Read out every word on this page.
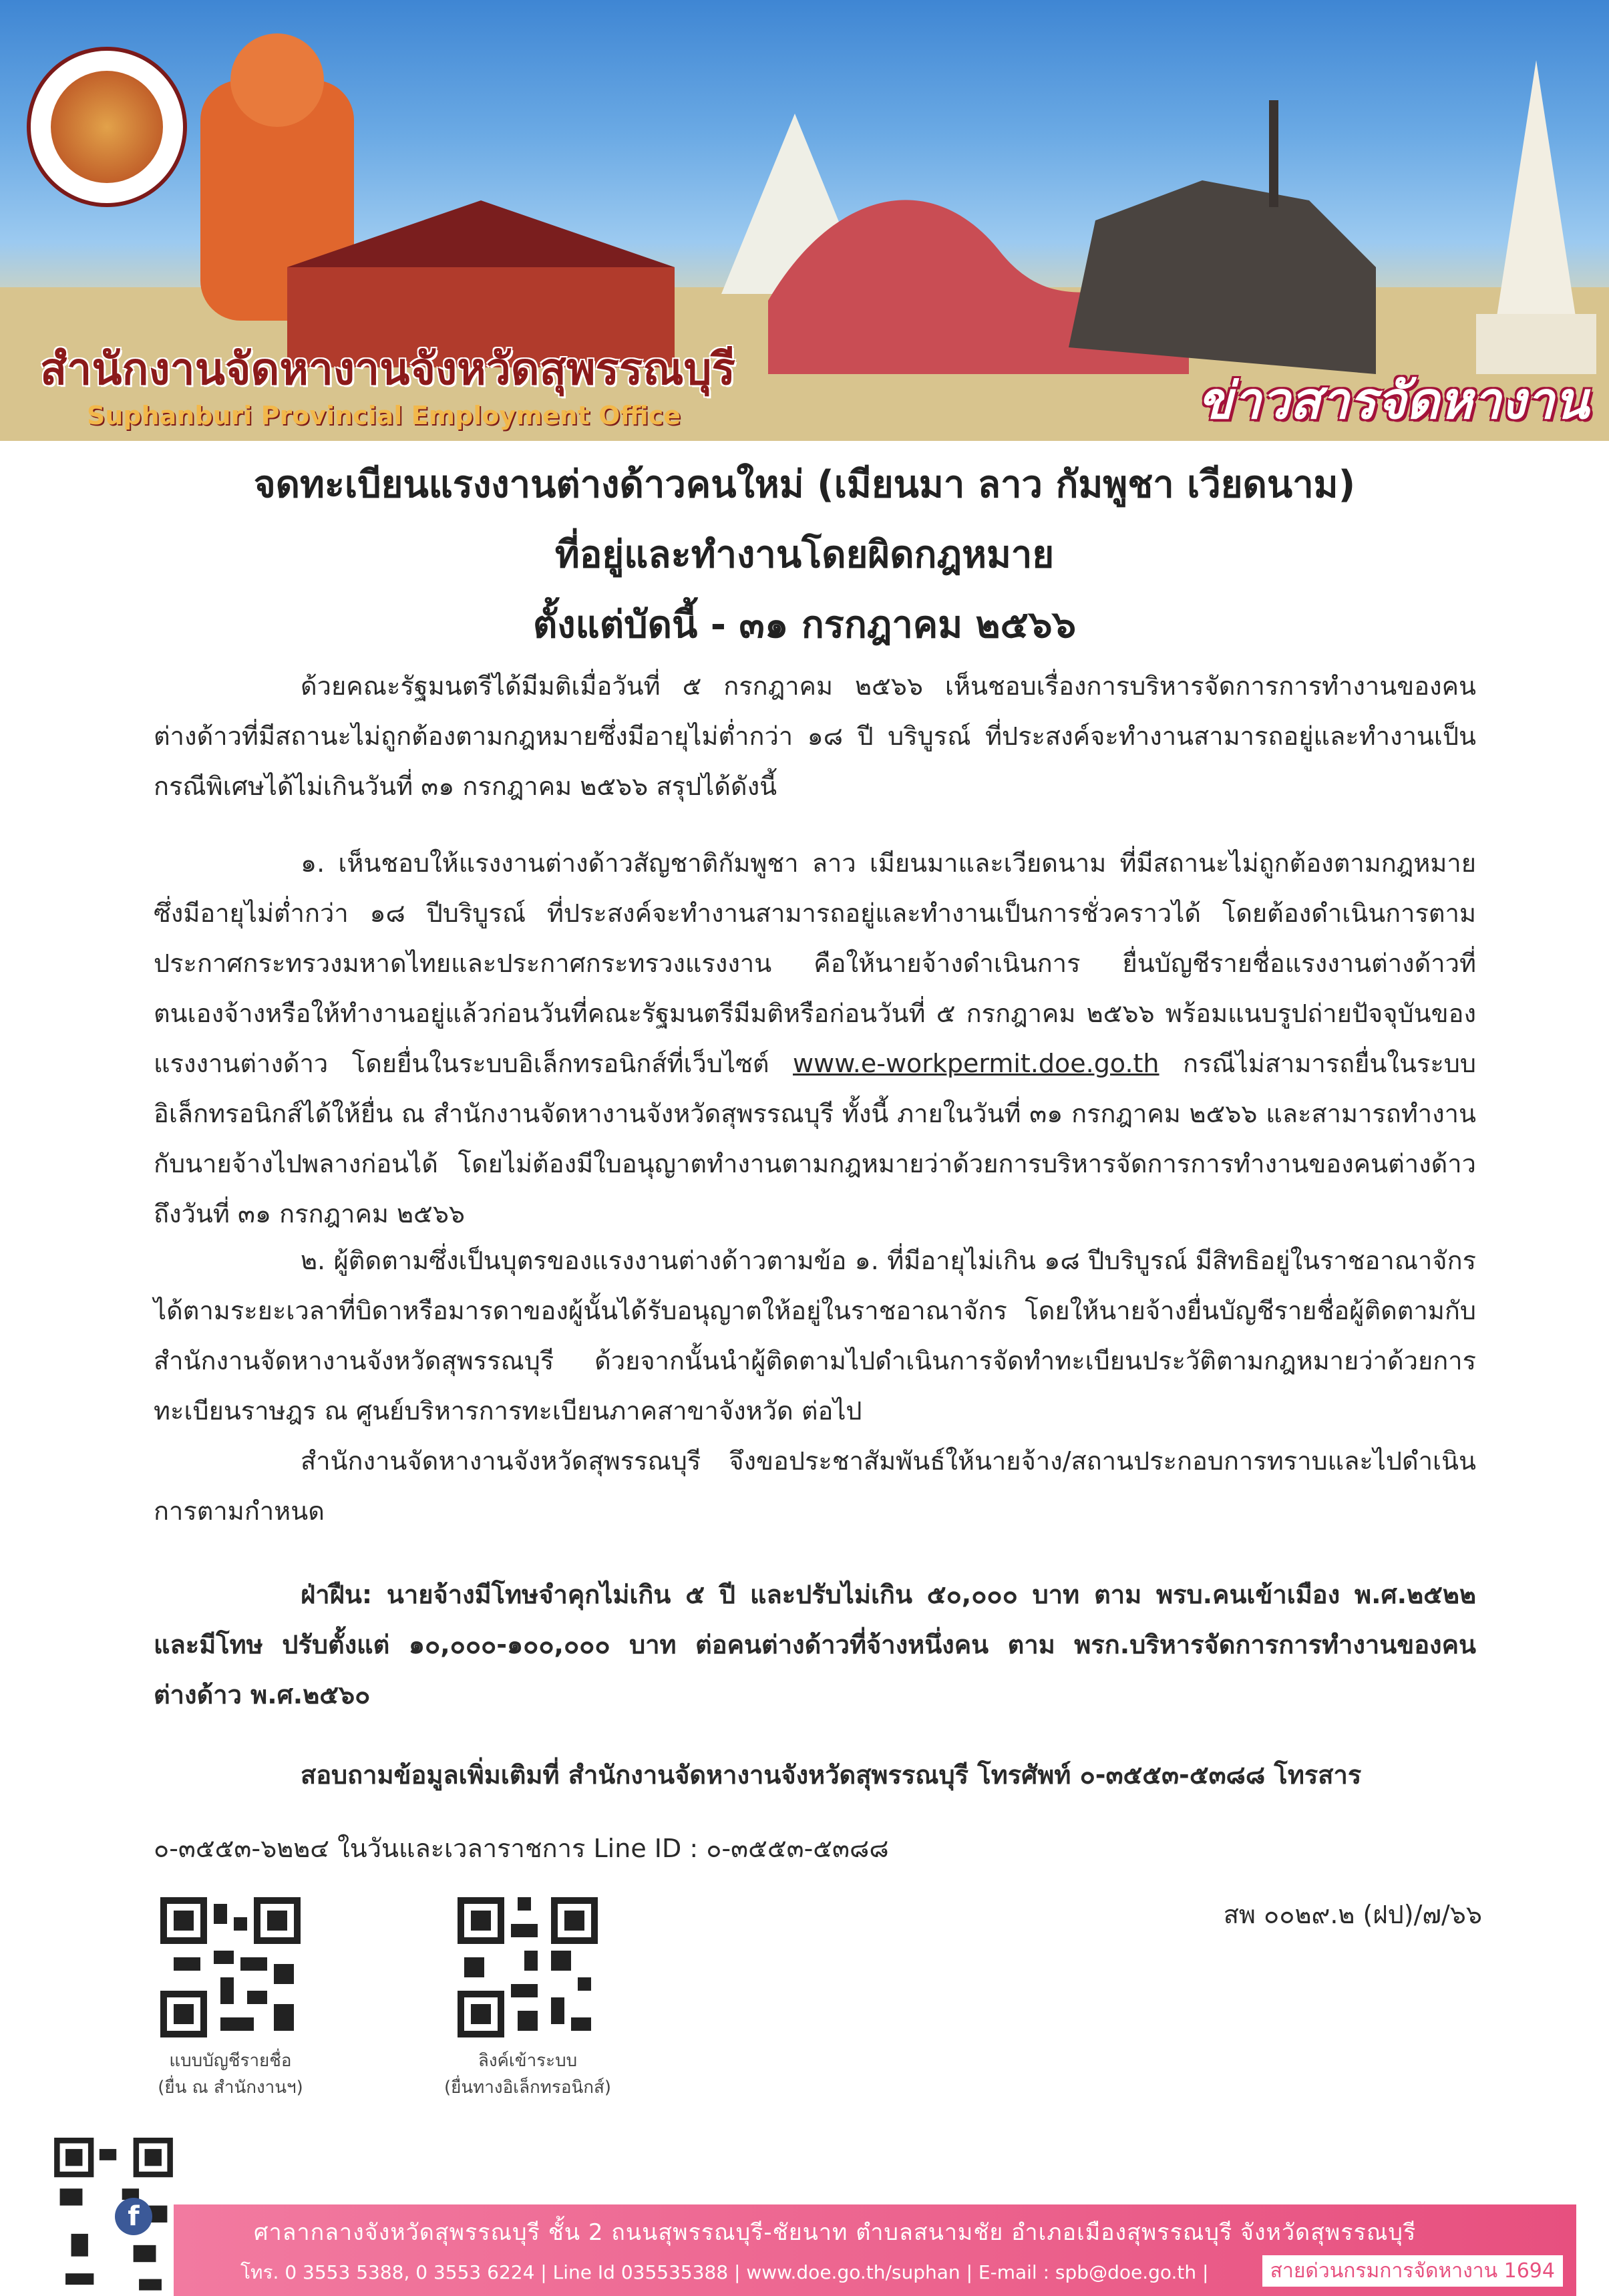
สำนักงานจัดหางานจังหวัดสุพรรณบุรี
Suphanburi Provincial Employment Office	ข่าวสารจัดหางาน
จดทะเบียนแรงงานต่างด้าวคนใหม่ (เมียนมา ลาว กัมพูชา เวียดนาม)
ที่อยู่และทำงานโดยผิดกฎหมาย
ตั้งแต่บัดนี้ - ๓๑ กรกฎาคม ๒๕๖๖
ด้วยคณะรัฐมนตรีได้มีมติเมื่อวันที่ ๕ กรกฎาคม ๒๕๖๖ เห็นชอบเรื่องการบริหารจัดการการทำงานของคนต่างด้าวที่มีสถานะไม่ถูกต้องตามกฎหมายซึ่งมีอายุไม่ต่ำกว่า ๑๘ ปี บริบูรณ์ ที่ประสงค์จะทำงานสามารถอยู่และทำงานเป็นกรณีพิเศษได้ไม่เกินวันที่ ๓๑ กรกฎาคม ๒๕๖๖ สรุปได้ดังนี้
๑. เห็นชอบให้แรงงานต่างด้าวสัญชาติกัมพูชา ลาว เมียนมาและเวียดนาม ที่มีสถานะไม่ถูกต้องตามกฎหมายซึ่งมีอายุไม่ต่ำกว่า ๑๘ ปีบริบูรณ์ ที่ประสงค์จะทำงานสามารถอยู่และทำงานเป็นการชั่วคราวได้ โดยต้องดำเนินการตามประกาศกระทรวงมหาดไทยและประกาศกระทรวงแรงงาน คือให้นายจ้างดำเนินการ ยื่นบัญชีรายชื่อแรงงานต่างด้าวที่ตนเองจ้างหรือให้ทำงานอยู่แล้วก่อนวันที่คณะรัฐมนตรีมีมติหรือก่อนวันที่ ๕ กรกฎาคม ๒๕๖๖ พร้อมแนบรูปถ่ายปัจจุบันของแรงงานต่างด้าว โดยยื่นในระบบอิเล็กทรอนิกส์ที่เว็บไซต์ www.e-workpermit.doe.go.th กรณีไม่สามารถยื่นในระบบอิเล็กทรอนิกส์ได้ให้ยื่น ณ สำนักงานจัดหางานจังหวัดสุพรรณบุรี ทั้งนี้ ภายในวันที่ ๓๑ กรกฎาคม ๒๕๖๖ และสามารถทำงานกับนายจ้างไปพลางก่อนได้ โดยไม่ต้องมีใบอนุญาตทำงานตามกฎหมายว่าด้วยการบริหารจัดการการทำงานของคนต่างด้าว ถึงวันที่ ๓๑ กรกฎาคม ๒๕๖๖
๒. ผู้ติดตามซึ่งเป็นบุตรของแรงงานต่างด้าวตามข้อ ๑. ที่มีอายุไม่เกิน ๑๘ ปีบริบูรณ์ มีสิทธิอยู่ในราชอาณาจักรได้ตามระยะเวลาที่บิดาหรือมารดาของผู้นั้นได้รับอนุญาตให้อยู่ในราชอาณาจักร โดยให้นายจ้างยื่นบัญชีรายชื่อผู้ติดตามกับสำนักงานจัดหางานจังหวัดสุพรรณบุรี ด้วยจากนั้นนำผู้ติดตามไปดำเนินการจัดทำทะเบียนประวัติตามกฎหมายว่าด้วยการทะเบียนราษฎร ณ ศูนย์บริหารการทะเบียนภาคสาขาจังหวัด ต่อไป
สำนักงานจัดหางานจังหวัดสุพรรณบุรี จึงขอประชาสัมพันธ์ให้นายจ้าง/สถานประกอบการทราบและไปดำเนินการตามกำหนด
ฝ่าฝืน: นายจ้างมีโทษจำคุกไม่เกิน ๕ ปี และปรับไม่เกิน ๕๐,๐๐๐ บาท ตาม พรบ.คนเข้าเมือง พ.ศ.๒๕๒๒ และมีโทษ ปรับตั้งแต่ ๑๐,๐๐๐-๑๐๐,๐๐๐ บาท ต่อคนต่างด้าวที่จ้างหนึ่งคน ตาม พรก.บริหารจัดการการทำงานของคนต่างด้าว พ.ศ.๒๕๖๐
สอบถามข้อมูลเพิ่มเติมที่ สำนักงานจัดหางานจังหวัดสุพรรณบุรี โทรศัพท์ ๐-๓๕๕๓-๕๓๘๘ โทรสาร
๐-๓๕๕๓-๖๒๒๔ ในวันและเวลาราชการ Line ID : ๐-๓๕๕๓-๕๓๘๘
สพ ๐๐๒๙.๒ (ฝป)/๗/๖๖
แบบบัญชีรายชื่อ
(ยื่น ณ สำนักงานฯ)
ลิงค์เข้าระบบ
(ยื่นทางอิเล็กทรอนิกส์)
f
ศาลากลางจังหวัดสุพรรณบุรี ชั้น 2 ถนนสุพรรณบุรี-ชัยนาท ตำบลสนามชัย อำเภอเมืองสุพรรณบุรี จังหวัดสุพรรณบุรี
โทร. 0 3553 5388, 0 3553 6224 | Line Id 035535388 | www.doe.go.th/suphan | E-mail : spb@doe.go.th |	สายด่วนกรมการจัดหางาน 1694
